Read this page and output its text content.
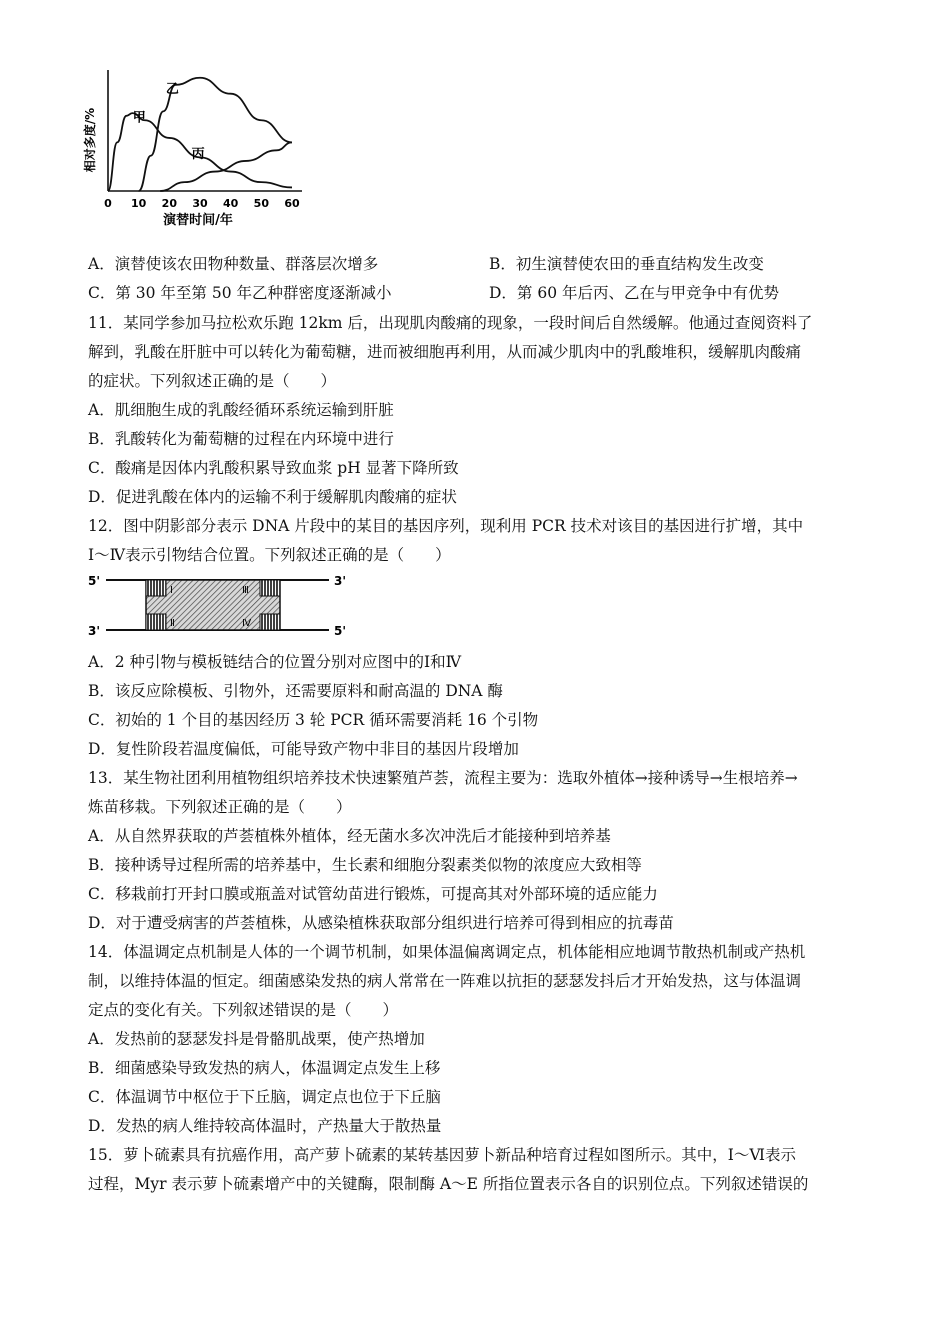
相对多度/%
0 10 20 30 40 50 60
甲
乙
丙
演替时间/年
A．演替使该农田物种数量、群落层次增多	B．初生演替使农田的垂直结构发生改变
C．第 30 年至第 50 年乙种群密度逐渐减小	D．第 60 年后丙、乙在与甲竞争中有优势
11．某同学参加马拉松欢乐跑 12km 后，出现肌肉酸痛的现象，一段时间后自然缓解。他通过查阅资料了
解到，乳酸在肝脏中可以转化为葡萄糖，进而被细胞再利用，从而减少肌肉中的乳酸堆积，缓解肌肉酸痛
的症状。下列叙述正确的是（　　）
A．肌细胞生成的乳酸经循环系统运输到肝脏
B．乳酸转化为葡萄糖的过程在内环境中进行
C．酸痛是因体内乳酸积累导致血浆 pH 显著下降所致
D．促进乳酸在体内的运输不利于缓解肌肉酸痛的症状
12．图中阴影部分表示 DNA 片段中的某目的基因序列，现利用 PCR 技术对该目的基因进行扩增，其中
Ⅰ～Ⅳ表示引物结合位置。下列叙述正确的是（　　）
5'	3'
3'	5'
Ⅰ	Ⅲ
Ⅱ	Ⅳ
A．2 种引物与模板链结合的位置分别对应图中的Ⅰ和Ⅳ
B．该反应除模板、引物外，还需要原料和耐高温的 DNA 酶
C．初始的 1 个目的基因经历 3 轮 PCR 循环需要消耗 16 个引物
D．复性阶段若温度偏低，可能导致产物中非目的基因片段增加
13．某生物社团利用植物组织培养技术快速繁殖芦荟，流程主要为：选取外植体→接种诱导→生根培养→
炼苗移栽。下列叙述正确的是（　　）
A．从自然界获取的芦荟植株外植体，经无菌水多次冲洗后才能接种到培养基
B．接种诱导过程所需的培养基中，生长素和细胞分裂素类似物的浓度应大致相等
C．移栽前打开封口膜或瓶盖对试管幼苗进行锻炼，可提高其对外部环境的适应能力
D．对于遭受病害的芦荟植株，从感染植株获取部分组织进行培养可得到相应的抗毒苗
14．体温调定点机制是人体的一个调节机制，如果体温偏离调定点，机体能相应地调节散热机制或产热机
制，以维持体温的恒定。细菌感染发热的病人常常在一阵难以抗拒的瑟瑟发抖后才开始发热，这与体温调
定点的变化有关。下列叙述错误的是（　　）
A．发热前的瑟瑟发抖是骨骼肌战栗，使产热增加
B．细菌感染导致发热的病人，体温调定点发生上移
C．体温调节中枢位于下丘脑，调定点也位于下丘脑
D．发热的病人维持较高体温时，产热量大于散热量
15．萝卜硫素具有抗癌作用，高产萝卜硫素的某转基因萝卜新品种培育过程如图所示。其中，Ⅰ～Ⅵ表示
过程，Myr 表示萝卜硫素增产中的关键酶，限制酶 A～E 所指位置表示各自的识别位点。下列叙述错误的
